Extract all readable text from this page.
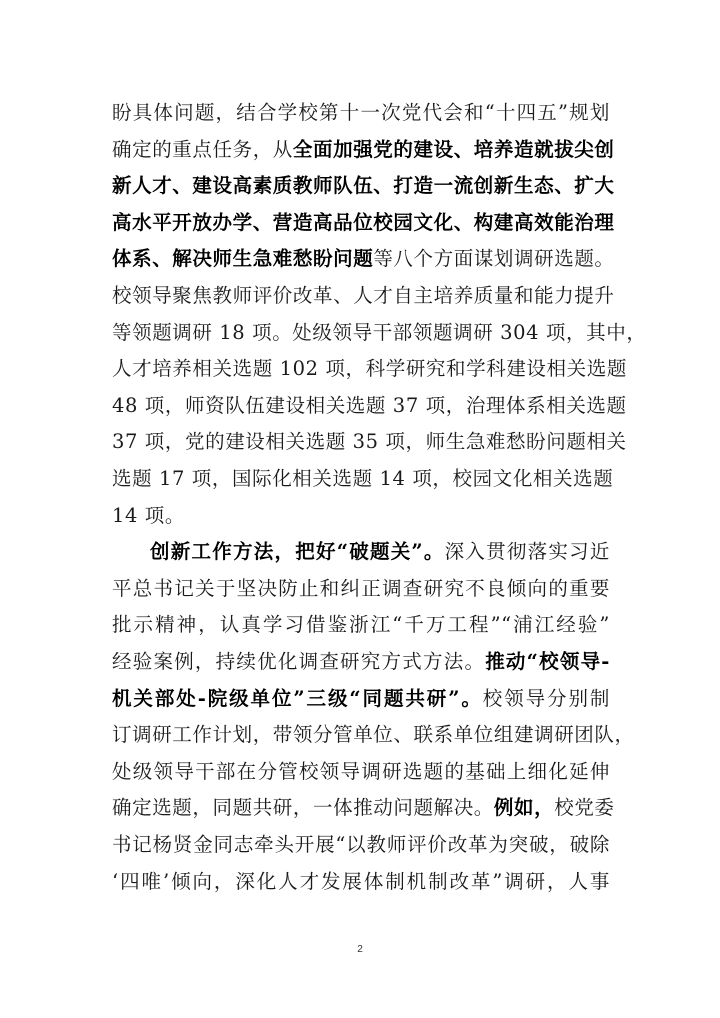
盼具体问题，结合学校第十一次党代会和“十四五”规划
确定的重点任务，从全面加强党的建设、培养造就拔尖创
新人才、建设高素质教师队伍、打造一流创新生态、扩大
高水平开放办学、营造高品位校园文化、构建高效能治理
体系、解决师生急难愁盼问题等八个方面谋划调研选题。
校领导聚焦教师评价改革、人才自主培养质量和能力提升
等领题调研 18 项。处级领导干部领题调研 304 项，其中，
人才培养相关选题 102 项，科学研究和学科建设相关选题
48 项，师资队伍建设相关选题 37 项，治理体系相关选题
37 项，党的建设相关选题 35 项，师生急难愁盼问题相关
选题 17 项，国际化相关选题 14 项，校园文化相关选题
14 项。
创新工作方法，把好“破题关”。深入贯彻落实习近
平总书记关于坚决防止和纠正调查研究不良倾向的重要
批示精神，认真学习借鉴浙江“千万工程”“浦江经验”
经验案例，持续优化调查研究方式方法。推动“校领导-
机关部处-院级单位”三级“同题共研”。校领导分别制
订调研工作计划，带领分管单位、联系单位组建调研团队，
处级领导干部在分管校领导调研选题的基础上细化延伸
确定选题，同题共研，一体推动问题解决。例如，校党委
书记杨贤金同志牵头开展“以教师评价改革为突破，破除
‘四唯’倾向，深化人才发展体制机制改革”调研，人事
2
